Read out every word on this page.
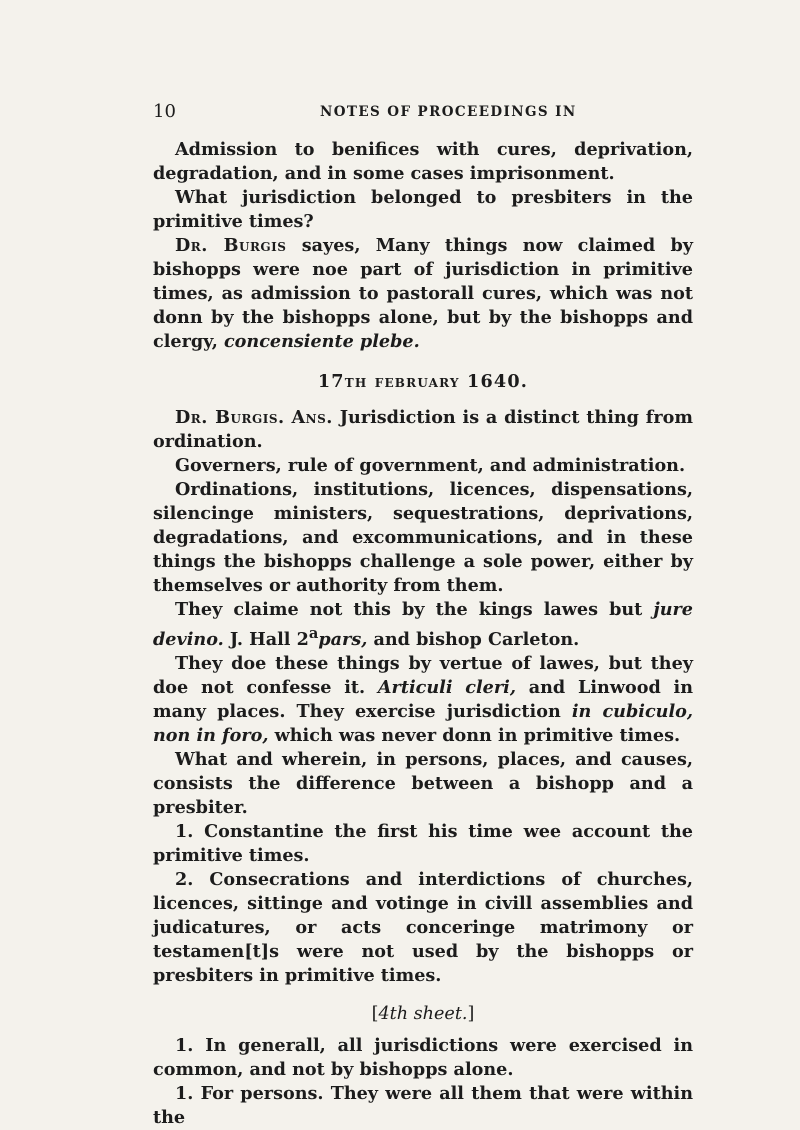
10	NOTES OF PROCEEDINGS IN

Admission to benifices with cures, deprivation, degradation, and in some cases imprisonment.

What jurisdiction belonged to presbiters in the primitive times?

Dr. Burgis sayes, Many things now claimed by bishopps were noe part of jurisdiction in primitive times, as admission to pastorall cures, which was not donn by the bishopps alone, but by the bishopps and clergy, concensiente plebe.

17th february 1640.

Dr. Burgis. Ans. Jurisdiction is a distinct thing from ordination.

Governers, rule of government, and administration.

Ordinations, institutions, licences, dispensations, silencinge ministers, sequestrations, deprivations, degradations, and excommunications, and in these things the bishopps challenge a sole power, either by themselves or authority from them.

They claime not this by the kings lawes but jure devino. J. Hall 2$^a$pars, and bishop Carleton.

They doe these things by vertue of lawes, but they doe not confesse it. Articuli cleri, and Linwood in many places. They exercise jurisdiction in cubiculo, non in foro, which was never donn in primitive times.

What and wherein, in persons, places, and causes, consists the difference between a bishopp and a presbiter.

1. Constantine the first his time wee account the primitive times.

2. Consecrations and interdictions of churches, licences, sittinge and votinge in civill assemblies and judicatures, or acts conceringe matrimony or testamen[t]s were not used by the bishopps or presbiters in primitive times.

[4th sheet.]

1. In generall, all jurisdictions were exercised in common, and not by bishopps alone.

1. For persons. They were all them that were within the
